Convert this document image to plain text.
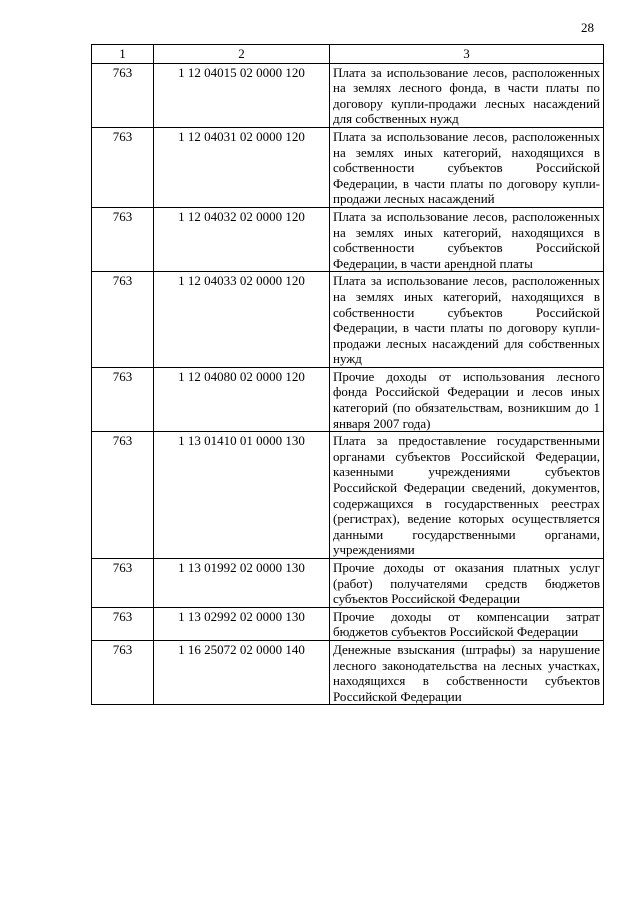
28
1	2	3
763	1 12 04015 02 0000 120	Плата за использование лесов, расположенных на землях лесного фонда, в части платы по договору купли-продажи лесных насаждений для собственных нужд
763	1 12 04031 02 0000 120	Плата за использование лесов, расположенных на землях иных категорий, находящихся в собственности субъектов Российской Федерации, в части платы по договору купли-продажи лесных насаждений
763	1 12 04032 02 0000 120	Плата за использование лесов, расположенных на землях иных категорий, находящихся в собственности субъектов Российской Федерации, в части арендной платы
763	1 12 04033 02 0000 120	Плата за использование лесов, расположенных на землях иных категорий, находящихся в собственности субъектов Российской Федерации, в части платы по договору купли-продажи лесных насаждений для собственных нужд
763	1 12 04080 02 0000 120	Прочие доходы от использования лесного фонда Российской Федерации и лесов иных категорий (по обязательствам, возникшим до 1 января 2007 года)
763	1 13 01410 01 0000 130	Плата за предоставление государственными органами субъектов Российской Федерации, казенными учреждениями субъектов Российской Федерации сведений, документов, содержащихся в государственных реестрах (регистрах), ведение которых осуществляется данными государственными органами, учреждениями
763	1 13 01992 02 0000 130	Прочие доходы от оказания платных услуг (работ) получателями средств бюджетов субъектов Российской Федерации
763	1 13 02992 02 0000 130	Прочие доходы от компенсации затрат бюджетов субъектов Российской Федерации
763	1 16 25072 02 0000 140	Денежные взыскания (штрафы) за нарушение лесного законодательства на лесных участках, находящихся в собственности субъектов Российской Федерации
